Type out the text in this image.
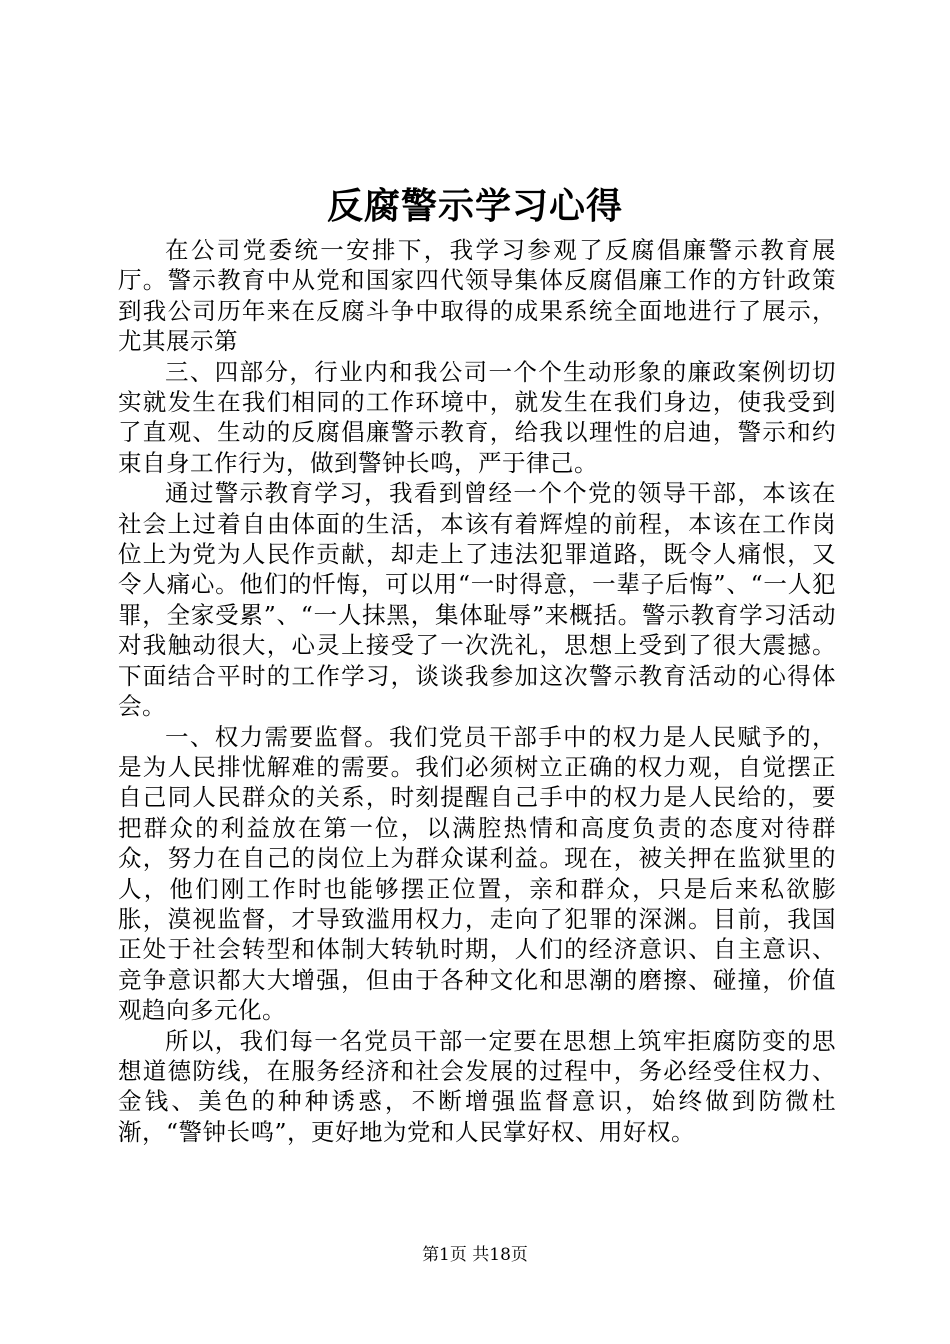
反腐警示学习心得

在公司党委统一安排下，我学习参观了反腐倡廉警示教育展厅。警示教育中从党和国家四代领导集体反腐倡廉工作的方针政策到我公司历年来在反腐斗争中取得的成果系统全面地进行了展示，尤其展示第

三、四部分，行业内和我公司一个个生动形象的廉政案例切切实就发生在我们相同的工作环境中，就发生在我们身边，使我受到了直观、生动的反腐倡廉警示教育，给我以理性的启迪，警示和约束自身工作行为，做到警钟长鸣，严于律己。

通过警示教育学习，我看到曾经一个个党的领导干部，本该在社会上过着自由体面的生活，本该有着辉煌的前程，本该在工作岗位上为党为人民作贡献，却走上了违法犯罪道路，既令人痛恨，又令人痛心。他们的忏悔，可以用“一时得意，一辈子后悔”、“一人犯罪，全家受累”、“一人抹黑，集体耻辱”来概括。警示教育学习活动对我触动很大，心灵上接受了一次洗礼，思想上受到了很大震撼。下面结合平时的工作学习，谈谈我参加这次警示教育活动的心得体会。

一、权力需要监督。我们党员干部手中的权力是人民赋予的，是为人民排忧解难的需要。我们必须树立正确的权力观，自觉摆正自己同人民群众的关系，时刻提醒自己手中的权力是人民给的，要把群众的利益放在第一位，以满腔热情和高度负责的态度对待群众，努力在自己的岗位上为群众谋利益。现在，被关押在监狱里的人，他们刚工作时也能够摆正位置，亲和群众，只是后来私欲膨胀，漠视监督，才导致滥用权力，走向了犯罪的深渊。目前，我国正处于社会转型和体制大转轨时期，人们的经济意识、自主意识、竞争意识都大大增强，但由于各种文化和思潮的磨擦、碰撞，价值观趋向多元化。

所以，我们每一名党员干部一定要在思想上筑牢拒腐防变的思想道德防线，在服务经济和社会发展的过程中，务必经受住权力、金钱、美色的种种诱惑，不断增强监督意识，始终做到防微杜渐，“警钟长鸣”，更好地为党和人民掌好权、用好权。

第1页 共18页
